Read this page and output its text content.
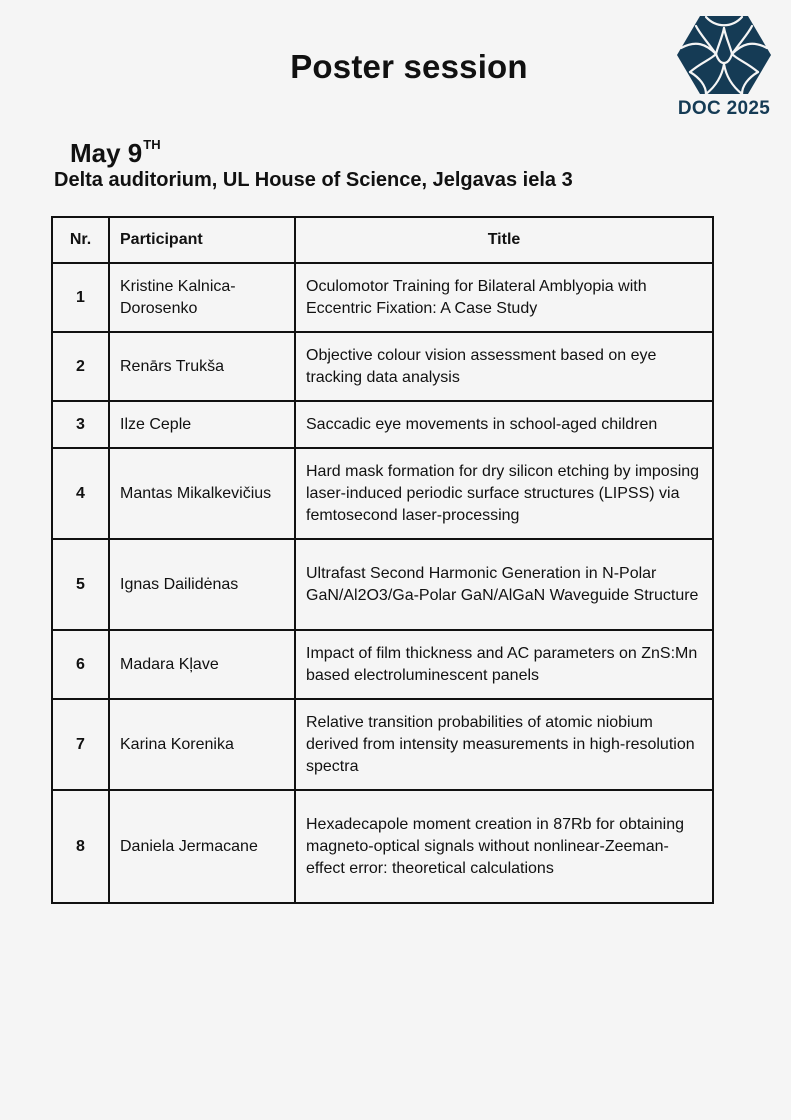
Poster session
DOC 2025
May 9TH
Delta auditorium, UL House of Science, Jelgavas iela 3
Nr.	Participant	Title
1	Kristine Kalnica-Dorosenko	Oculomotor Training for Bilateral Amblyopia with Eccentric Fixation: A Case Study
2	Renārs Trukša	Objective colour vision assessment based on eye tracking data analysis
3	Ilze Ceple	Saccadic eye movements in school-aged children
4	Mantas Mikalkevičius	Hard mask formation for dry silicon etching by imposing laser-induced periodic surface structures (LIPSS) via femtosecond laser-processing
5	Ignas Dailidėnas	Ultrafast Second Harmonic Generation in N-Polar GaN/Al2O3/Ga-Polar GaN/AlGaN Waveguide Structure
6	Madara Kļave	Impact of film thickness and AC parameters on ZnS:Mn based electroluminescent panels
7	Karina Korenika	Relative transition probabilities of atomic niobium derived from intensity measurements in high-resolution spectra
8	Daniela Jermacane	Hexadecapole moment creation in 87Rb for obtaining magneto-optical signals without nonlinear-Zeeman-effect error: theoretical calculations
